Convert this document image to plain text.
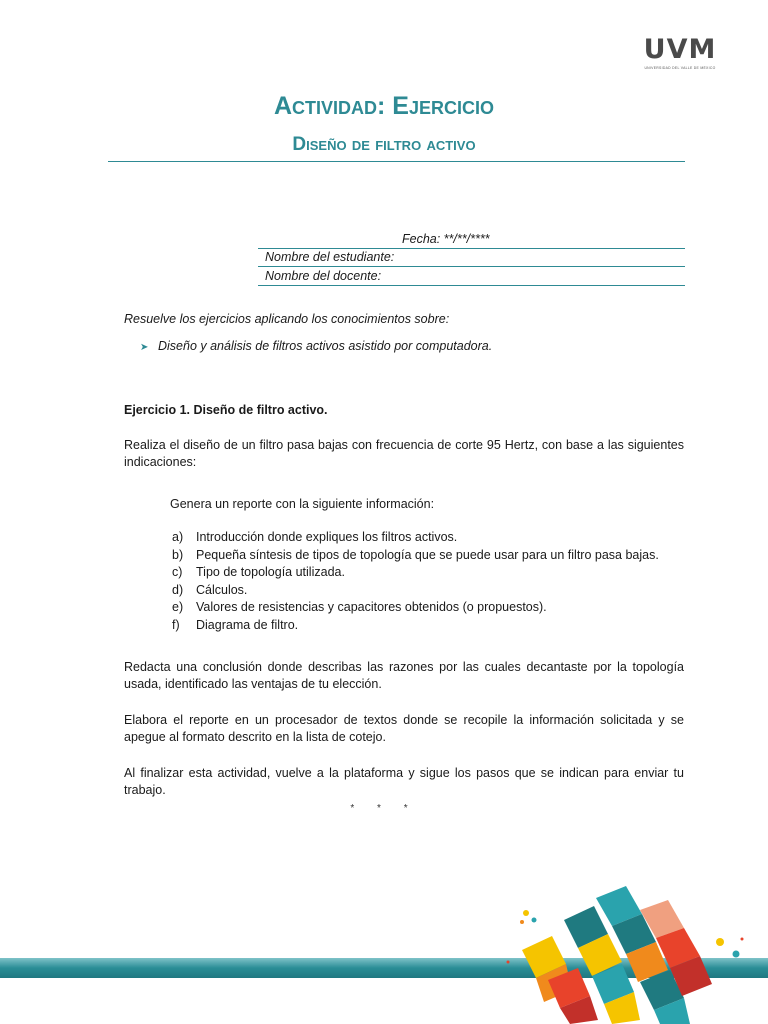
UVM
UNIVERSIDAD DEL VALLE DE MÉXICO
Actividad: Ejercicio
Diseño de filtro activo
Fecha: **/**/****
Nombre del estudiante:
Nombre del docente:
Resuelve los ejercicios aplicando los conocimientos sobre:
➤ Diseño y análisis de filtros activos asistido por computadora.
Ejercicio 1. Diseño de filtro activo.
Realiza el diseño de un filtro pasa bajas con frecuencia de corte 95 Hertz, con base a las siguientes indicaciones:
Genera un reporte con la siguiente información:
a)	Introducción donde expliques los filtros activos.
b)	Pequeña síntesis de tipos de topología que se puede usar para un filtro pasa bajas.
c)	Tipo de topología utilizada.
d)	Cálculos.
e)	Valores de resistencias y capacitores obtenidos (o propuestos).
f)	Diagrama de filtro.
Redacta una conclusión donde describas las razones por las cuales decantaste por la topología usada, identificado las ventajas de tu elección.
Elabora el reporte en un procesador de textos donde se recopile la información solicitada y se apegue al formato descrito en la lista de cotejo.
Al finalizar esta actividad, vuelve a la plataforma y sigue los pasos que se indican para enviar tu trabajo.
* * *
